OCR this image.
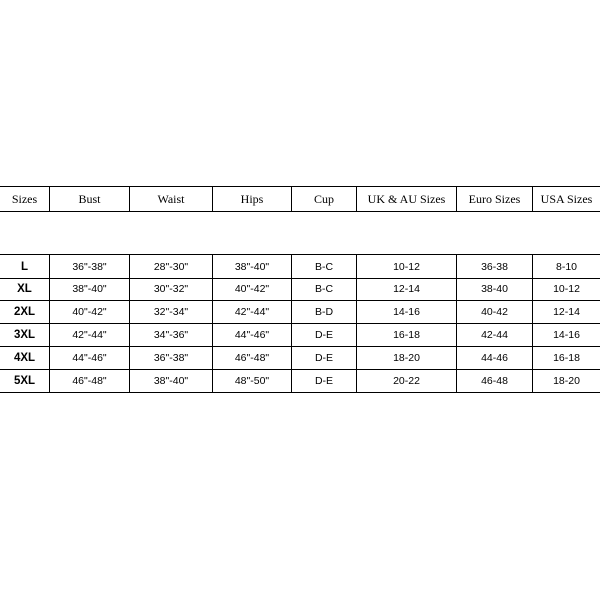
Sizes	Bust	Waist	Hips	Cup	UK & AU Sizes	Euro Sizes	USA Sizes
L	36"-38"	28"-30"	38"-40"	B-C	10-12	36-38	8-10
XL	38"-40"	30"-32"	40"-42"	B-C	12-14	38-40	10-12
2XL	40"-42"	32"-34"	42"-44"	B-D	14-16	40-42	12-14
3XL	42"-44"	34"-36"	44"-46"	D-E	16-18	42-44	14-16
4XL	44"-46"	36"-38"	46"-48"	D-E	18-20	44-46	16-18
5XL	46"-48"	38"-40"	48"-50"	D-E	20-22	46-48	18-20
